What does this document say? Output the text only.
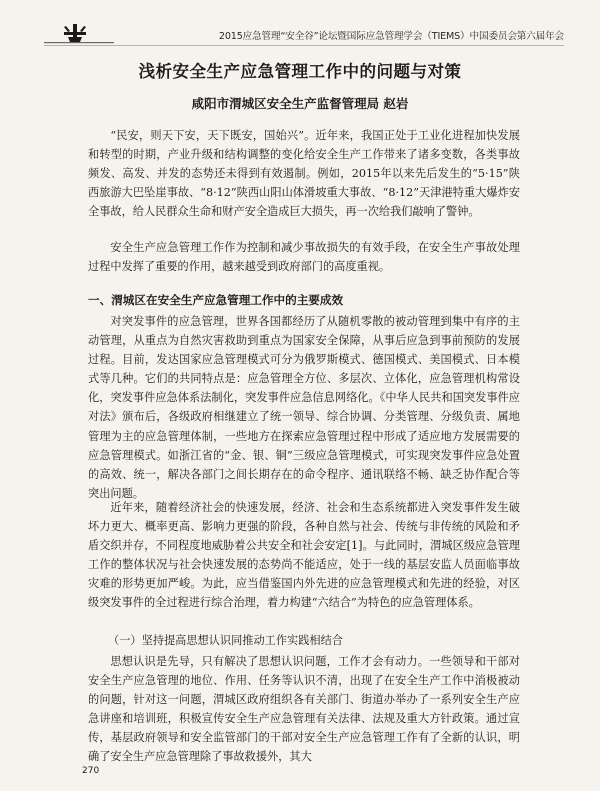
2015应急管理“安全谷”论坛暨国际应急管理学会（TIEMS）中国委员会第六届年会
浅析安全生产应急管理工作中的问题与对策
咸阳市渭城区安全生产监督管理局 赵岩

“民安，则天下安，天下既安，国始兴”。近年来，我国正处于工业化进程加快发展和转型的时期，产业升级和结构调整的变化给安全生产工作带来了诸多变数，各类事故频发、高发、并发的态势还未得到有效遏制。例如，2015年以来先后发生的“5·15”陕西旅游大巴坠崖事故、“8·12”陕西山阳山体滑坡重大事故、“8·12”天津港特重大爆炸安全事故，给人民群众生命和财产安全造成巨大损失，再一次给我们敲响了警钟。

安全生产应急管理工作作为控制和减少事故损失的有效手段，在安全生产事故处理过程中发挥了重要的作用，越来越受到政府部门的高度重视。

一、渭城区在安全生产应急管理工作中的主要成效

对突发事件的应急管理，世界各国都经历了从随机零散的被动管理到集中有序的主动管理，从重点为自然灾害救助到重点为国家安全保障，从事后应急到事前预防的发展过程。目前，发达国家应急管理模式可分为俄罗斯模式、德国模式、美国模式、日本模式等几种。它们的共同特点是：应急管理全方位、多层次、立体化，应急管理机构常设化，突发事件应急体系法制化，突发事件应急信息网络化。《中华人民共和国突发事件应对法》颁布后，各级政府相继建立了统一领导、综合协调、分类管理、分级负责、属地管理为主的应急管理体制，一些地方在探索应急管理过程中形成了适应地方发展需要的应急管理模式。如浙江省的“金、银、铜”三级应急管理模式，可实现突发事件应急处置的高效、统一，解决各部门之间长期存在的命令程序、通讯联络不畅、缺乏协作配合等突出问题。

近年来，随着经济社会的快速发展，经济、社会和生态系统都进入突发事件发生破坏力更大、概率更高、影响力更强的阶段，各种自然与社会、传统与非传统的风险和矛盾交织并存，不同程度地威胁着公共安全和社会安定[1]。与此同时，渭城区级应急管理工作的整体状况与社会快速发展的态势尚不能适应，处于一线的基层安监人员面临事故灾难的形势更加严峻。为此，应当借鉴国内外先进的应急管理模式和先进的经验，对区级突发事件的全过程进行综合治理，着力构建“六结合”为特色的应急管理体系。

（一）坚持提高思想认识同推动工作实践相结合

思想认识是先导，只有解决了思想认识问题，工作才会有动力。一些领导和干部对安全生产应急管理的地位、作用、任务等认识不清，出现了在安全生产工作中消极被动的问题，针对这一问题，渭城区政府组织各有关部门、街道办举办了一系列安全生产应急讲座和培训班，积极宣传安全生产应急管理有关法律、法规及重大方针政策。通过宣传，基层政府领导和安全监管部门的干部对安全生产应急管理工作有了全新的认识，明确了安全生产应急管理除了事故救援外，其大

270
